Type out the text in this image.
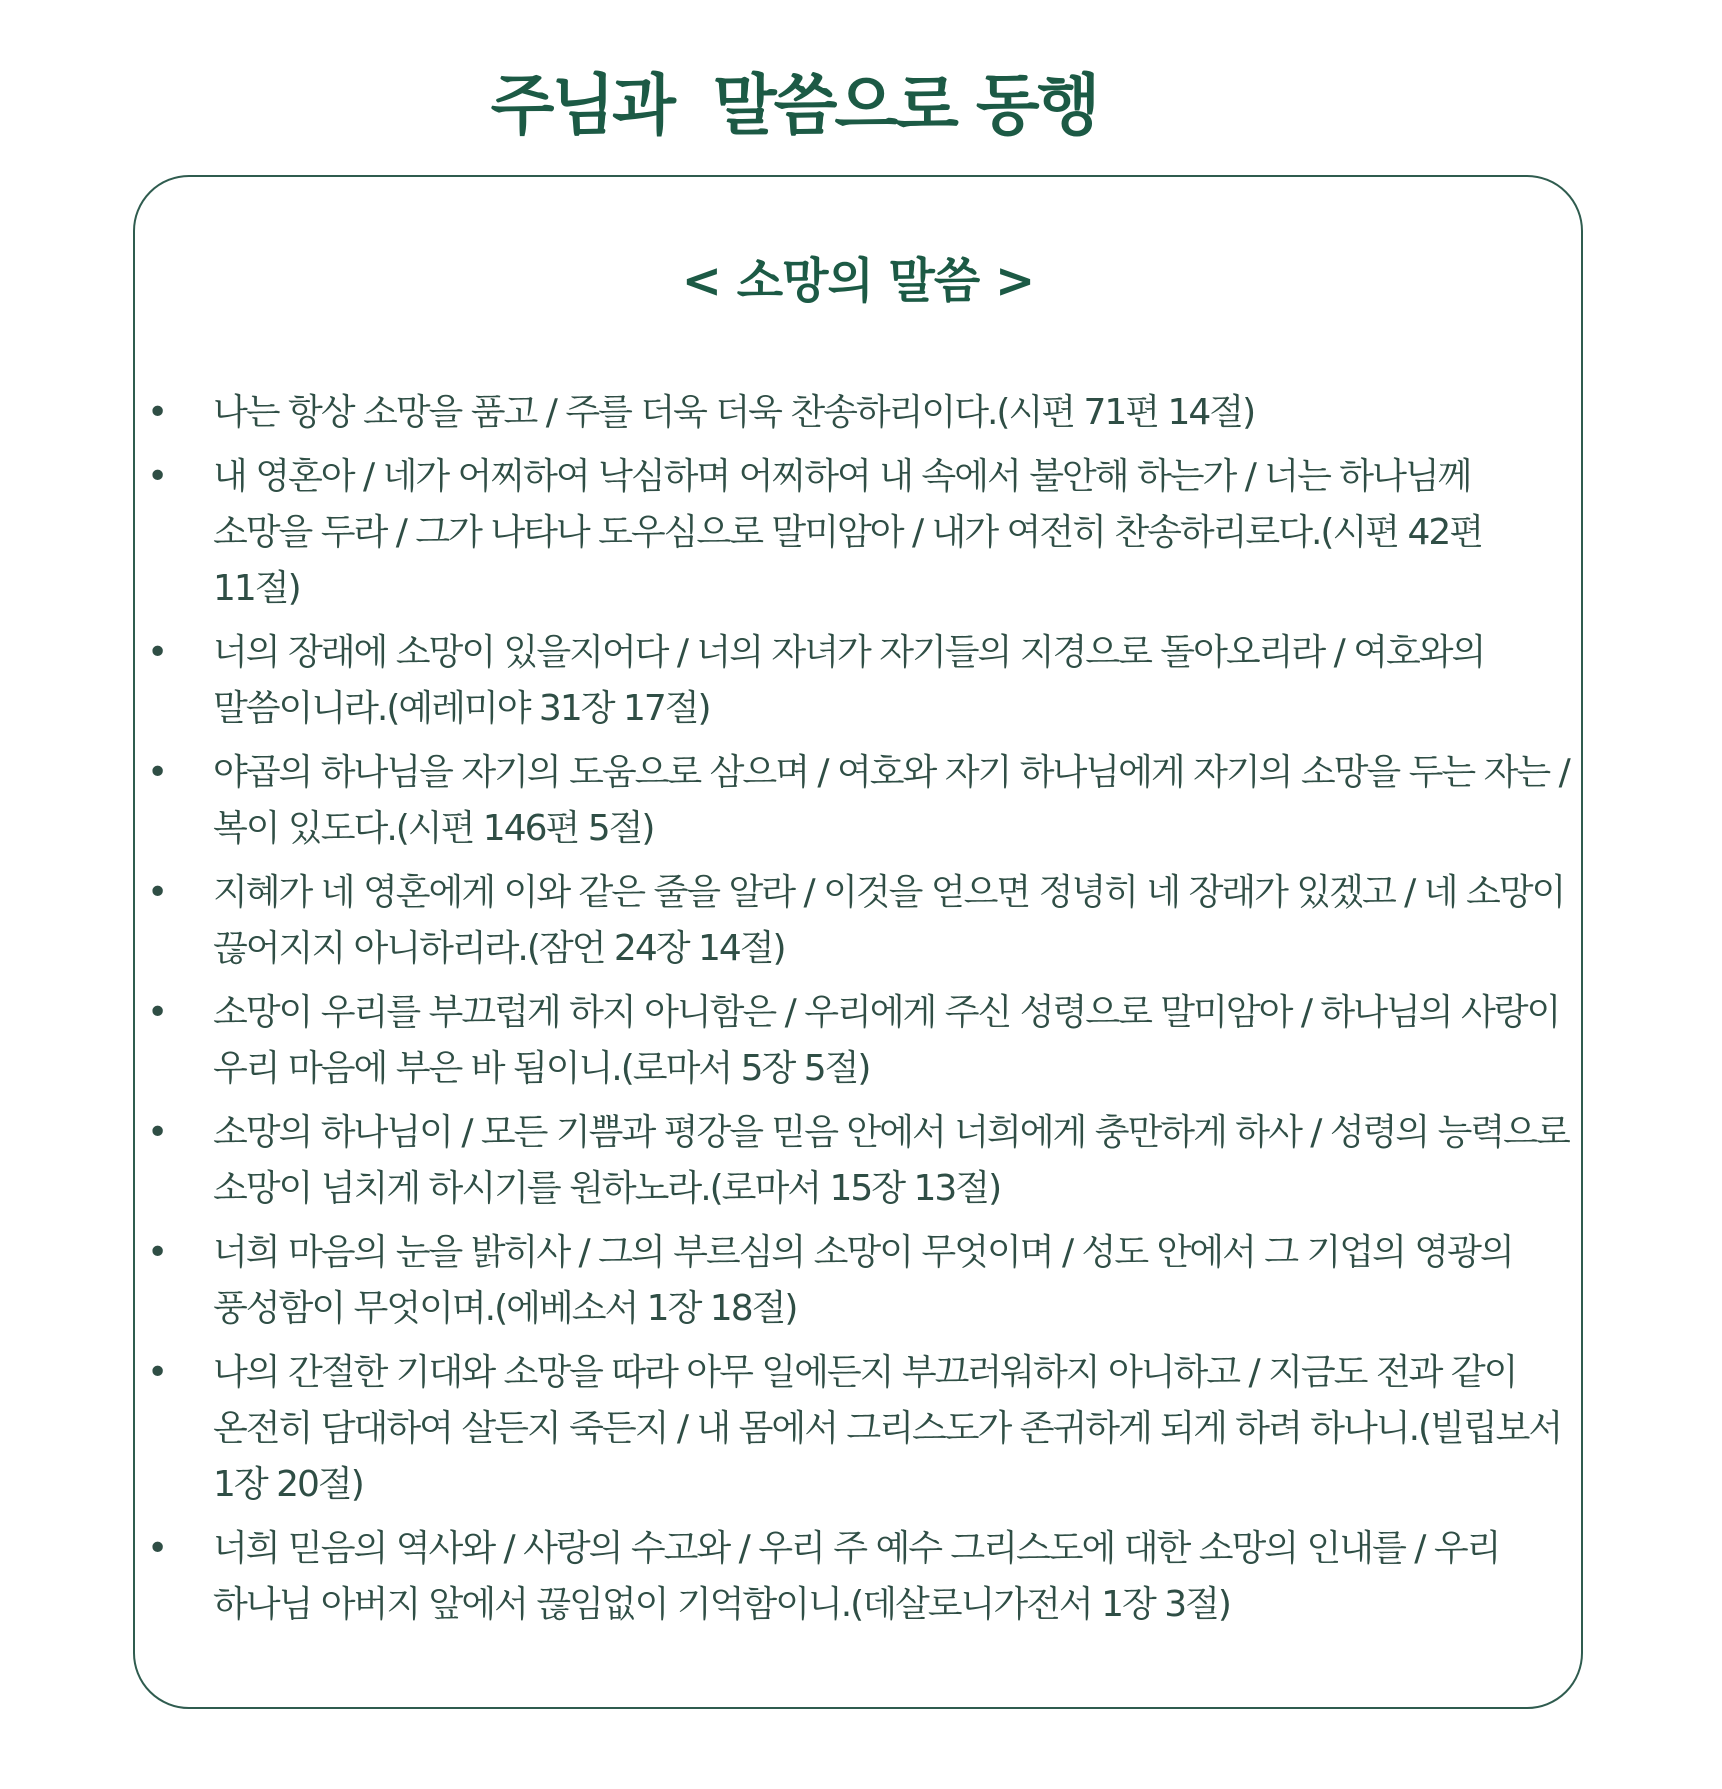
주님과  말씀으로 동행
< 소망의 말씀 >
• 나는 항상 소망을 품고 / 주를 더욱 더욱 찬송하리이다.(시편 71편 14절)
• 내 영혼아 / 네가 어찌하여 낙심하며 어찌하여 내 속에서 불안해 하는가 / 너는 하나님께 소망을 두라 / 그가 나타나 도우심으로 말미암아 / 내가 여전히 찬송하리로다.(시편 42편 11절)
• 너의 장래에 소망이 있을지어다 / 너의 자녀가 자기들의 지경으로 돌아오리라 / 여호와의 말씀이니라.(예레미야 31장 17절)
• 야곱의 하나님을 자기의 도움으로 삼으며 / 여호와 자기 하나님에게 자기의 소망을 두는 자는 / 복이 있도다.(시편 146편 5절)
• 지혜가 네 영혼에게 이와 같은 줄을 알라 / 이것을 얻으면 정녕히 네 장래가 있겠고 / 네 소망이 끊어지지 아니하리라.(잠언 24장 14절)
• 소망이 우리를 부끄럽게 하지 아니함은 / 우리에게 주신 성령으로 말미암아 / 하나님의 사랑이 우리 마음에 부은 바 됨이니.(로마서 5장 5절)
• 소망의 하나님이 / 모든 기쁨과 평강을 믿음 안에서 너희에게 충만하게 하사 / 성령의 능력으로 소망이 넘치게 하시기를 원하노라.(로마서 15장 13절)
• 너희 마음의 눈을 밝히사 / 그의 부르심의 소망이 무엇이며 / 성도 안에서 그 기업의 영광의 풍성함이 무엇이며.(에베소서 1장 18절)
• 나의 간절한 기대와 소망을 따라 아무 일에든지 부끄러워하지 아니하고 / 지금도 전과 같이 온전히 담대하여 살든지 죽든지 / 내 몸에서 그리스도가 존귀하게 되게 하려 하나니.(빌립보서 1장 20절)
• 너희 믿음의 역사와 / 사랑의 수고와 / 우리 주 예수 그리스도에 대한 소망의 인내를 / 우리 하나님 아버지 앞에서 끊임없이 기억함이니.(데살로니가전서 1장 3절)
